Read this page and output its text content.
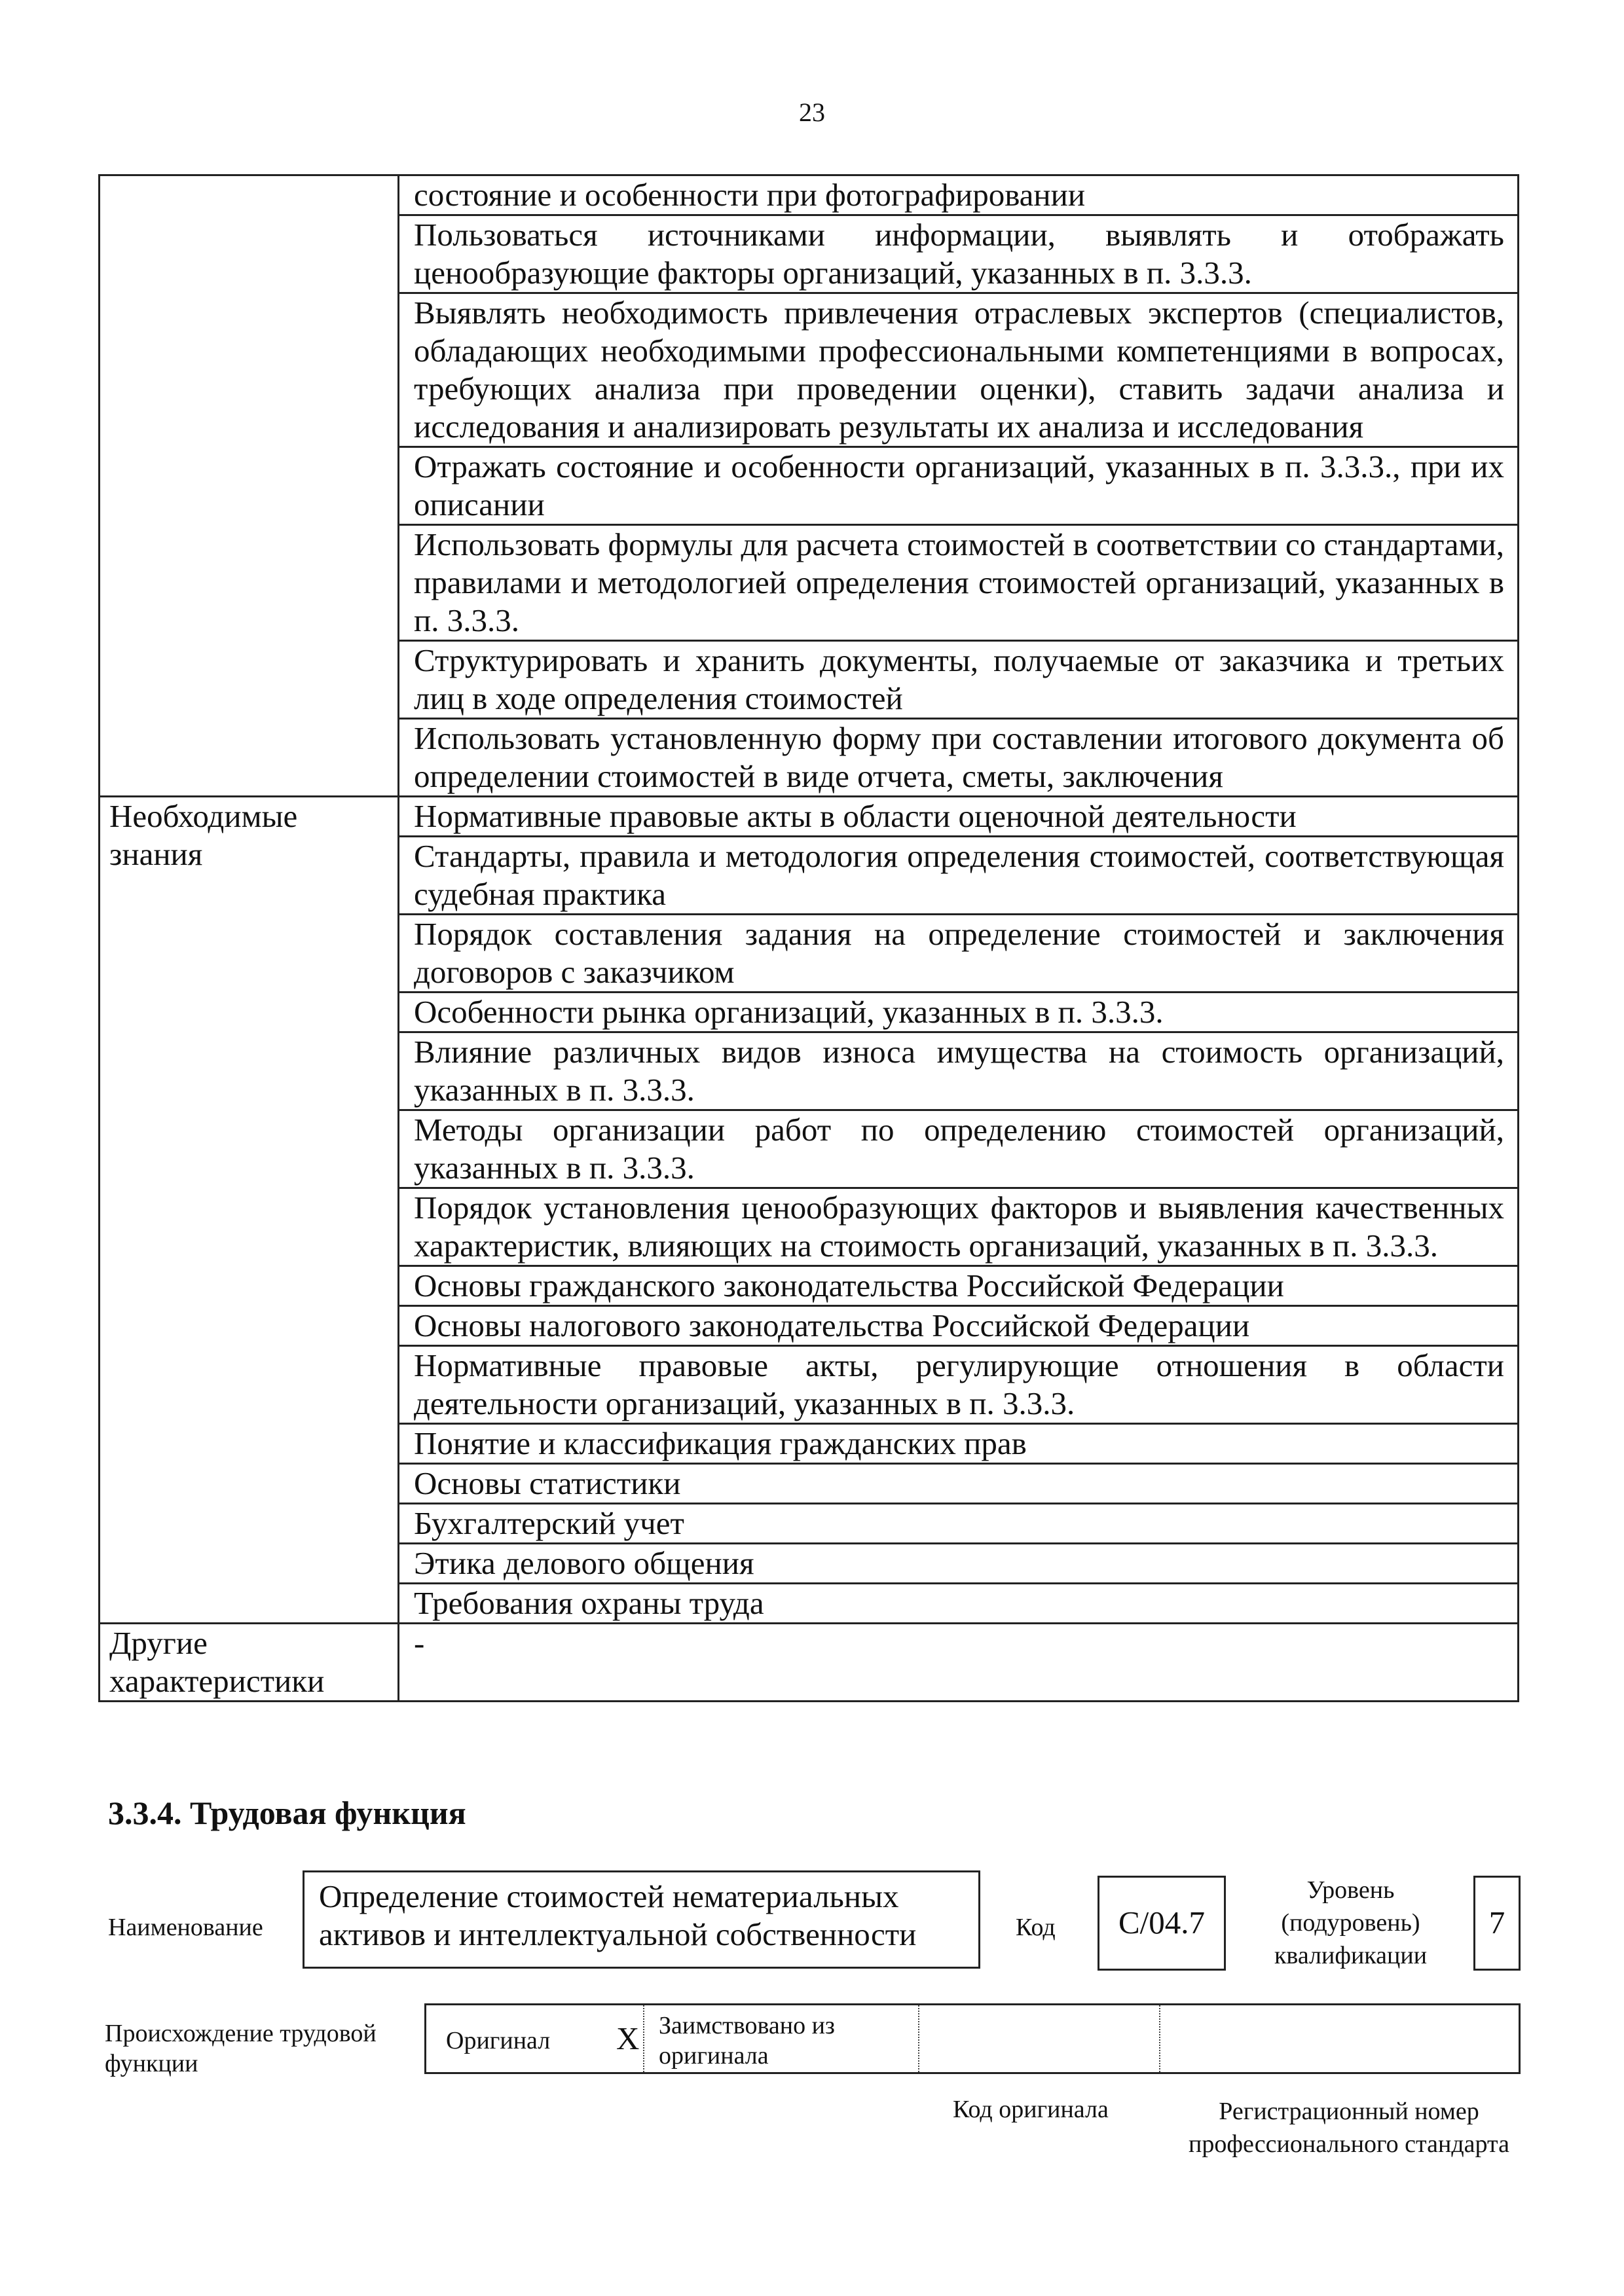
23
	состояние и особенности при фотографировании
	Пользоваться источниками информации, выявлять и отображать ценообразующие факторы организаций, указанных в п. 3.3.3.
	Выявлять необходимость привлечения отраслевых экспертов (специалистов, обладающих необходимыми профессиональными компетенциями в вопросах, требующих анализа при проведении оценки), ставить задачи анализа и исследования и анализировать результаты их анализа и исследования
	Отражать состояние и особенности организаций, указанных в п. 3.3.3., при их описании
	Использовать формулы для расчета стоимостей в соответствии со стандартами, правилами и методологией определения стоимостей организаций, указанных в п. 3.3.3.
	Структурировать и хранить документы, получаемые от заказчика и третьих лиц в ходе определения стоимостей
	Использовать установленную форму при составлении итогового документа об определении стоимостей в виде отчета, сметы, заключения
Необходимые знания	Нормативные правовые акты в области оценочной деятельности
	Стандарты, правила и методология определения стоимостей, соответствующая судебная практика
	Порядок составления задания на определение стоимостей и заключения договоров с заказчиком
	Особенности рынка организаций, указанных в п. 3.3.3.
	Влияние различных видов износа имущества на стоимость организаций, указанных в п. 3.3.3.
	Методы организации работ по определению стоимостей организаций, указанных в п. 3.3.3.
	Порядок установления ценообразующих факторов и выявления качественных характеристик, влияющих на стоимость организаций, указанных в п. 3.3.3.
	Основы гражданского законодательства Российской Федерации
	Основы налогового законодательства Российской Федерации
	Нормативные правовые акты, регулирующие отношения в области деятельности организаций, указанных в п. 3.3.3.
	Понятие и классификация гражданских прав
	Основы статистики
	Бухгалтерский учет
	Этика делового общения
	Требования охраны труда
Другие характеристики	-
3.3.4. Трудовая функция
Наименование
Определение стоимостей нематериальных активов и интеллектуальной собственности	Код	С/04.7
Уровень (подуровень) квалификации
7
Происхождение трудовой функции
Оригинал X Заимствовано из оригинала
Код оригинала	Регистрационный номер профессионального стандарта
